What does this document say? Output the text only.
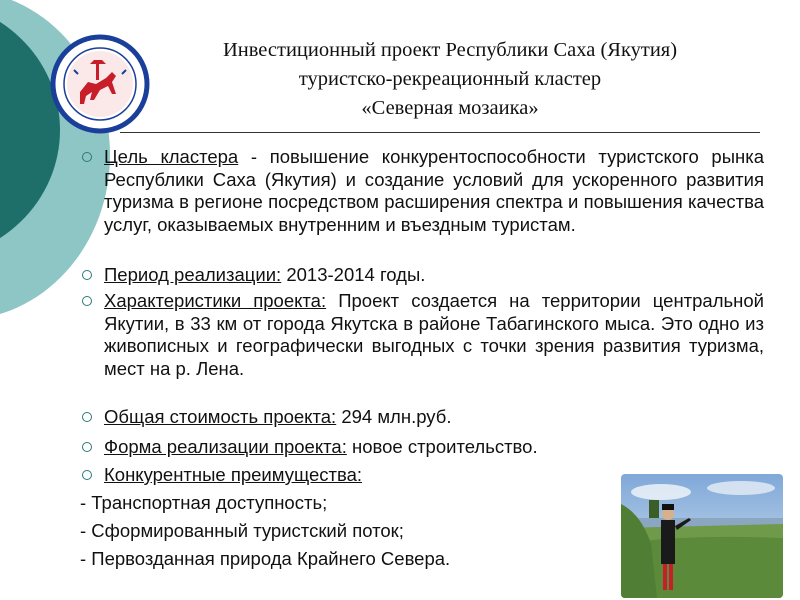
Инвестиционный проект Республики Саха (Якутия)
туристско-рекреационный кластер
«Северная мозаика»
Цель кластера - повышение конкурентоспособности туристского рынка Республики Саха (Якутия) и создание условий для ускоренного развития туризма в регионе посредством расширения спектра и повышения качества услуг, оказываемых внутренним и въездным туристам.
Период реализации: 2013-2014 годы.
Характеристики проекта: Проект создается на территории центральной Якутии, в 33 км от города Якутска в районе Табагинского мыса. Это одно из живописных и географически выгодных с точки зрения развития туризма, мест на р. Лена.
Общая стоимость проекта: 294 млн.руб.
Форма реализации проекта: новое строительство.
Конкурентные преимущества:
- Транспортная доступность;
- Сформированный туристский поток;
- Первозданная природа Крайнего Севера.
